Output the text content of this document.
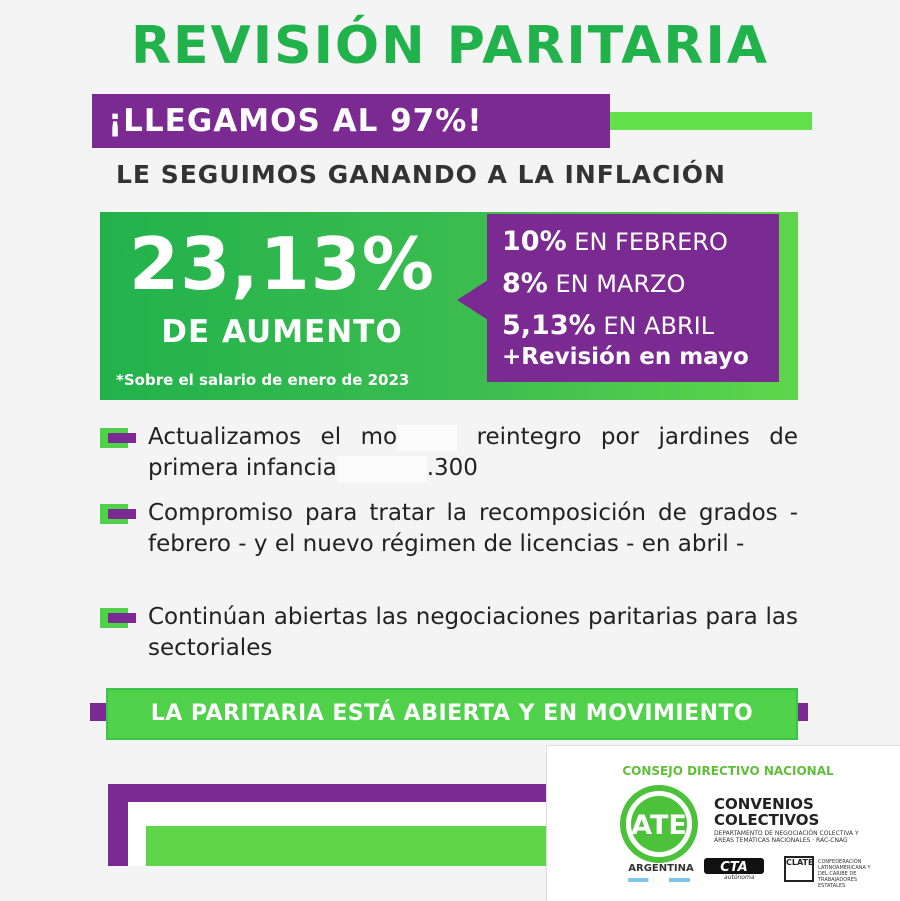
REVISIÓN PARITARIA
¡LLEGAMOS AL 97%!
LE SEGUIMOS GANANDO A LA INFLACIÓN
23,13%
DE AUMENTO
*Sobre el salario de enero de 2023
10% EN FEBRERO
8% EN MARZO
5,13% EN ABRIL
+Revisión en mayo
Actualizamos el mo	reintegro por jardines de primera infancia	.300
Compromiso para tratar la recomposición de grados - febrero - y el nuevo régimen de licencias - en abril -
Continúan abiertas las negociaciones paritarias para las sectoriales
LA PARITARIA ESTÁ ABIERTA Y EN MOVIMIENTO
CONSEJO DIRECTIVO NACIONAL
ATE
ARGENTINA
CONVENIOS
COLECTIVOS
DEPARTAMENTO DE NEGOCIACIÓN COLECTIVA Y ÁREAS TEMÁTICAS NACIONALES · RAC-CNAG
CTA
autónoma
CLATE CONFEDERACIÓN LATINOAMERICANA Y DEL CARIBE DE TRABAJADORES ESTATALES
